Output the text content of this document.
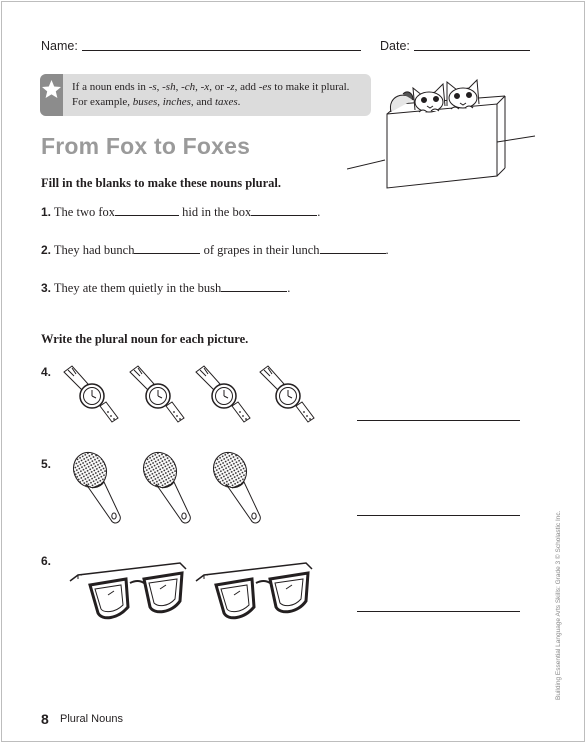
Name:	Date:
If a noun ends in -s, -sh, -ch, -x, or -z, add -es to make it plural.
For example, buses, inches, and taxes.
From Fox to Foxes
Fill in the blanks to make these nouns plural.
1. The two fox	hid in the box	.
2. They had bunch	of grapes in their lunch	.
3. They ate them quietly in the bush	.
Write the plural noun for each picture.
4.
5.
6.	Building Essential Language Arts Skills: Grade 3 © Scholastic Inc.
8 Plural Nouns
